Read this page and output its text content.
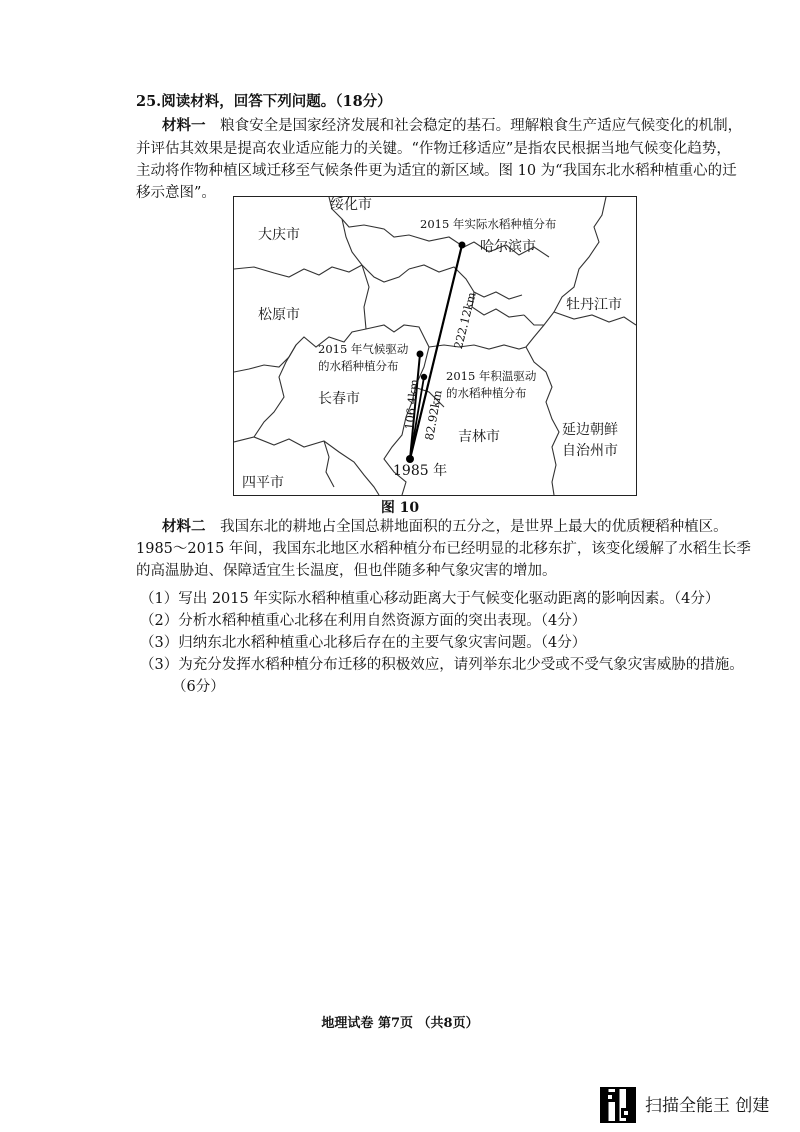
25.阅读材料，回答下列问题。（18分）
材料一 粮食安全是国家经济发展和社会稳定的基石。理解粮食生产适应气候变化的机制，
并评估其效果是提高农业适应能力的关键。“作物迁移适应”是指农民根据当地气候变化趋势，
主动将作物种植区域迁移至气候条件更为适宜的新区域。图 10 为“我国东北水稻种植重心的迁
移示意图”。
绥化市
大庆市
哈尔滨市
松原市
牡丹江市
长春市
吉林市	延边朝鲜
自治州市
四平市
2015 年实际水稻种植分布
2015 年气候驱动
的水稻种植分布
2015 年积温驱动
的水稻种植分布
1985 年
222.12km
106.4km 82.92km
图 10
材料二 我国东北的耕地占全国总耕地面积的五分之，是世界上最大的优质粳稻种植区。
1985～2015 年间，我国东北地区水稻种植分布已经明显的北移东扩，该变化缓解了水稻生长季
的高温胁迫、保障适宜生长温度，但也伴随多种气象灾害的增加。
（1）写出 2015 年实际水稻种植重心移动距离大于气候变化驱动距离的影响因素。（4分）
（2）分析水稻种植重心北移在利用自然资源方面的突出表现。（4分）
（3）归纳东北水稻种植重心北移后存在的主要气象灾害问题。（4分）
（3）为充分发挥水稻种植分布迁移的积极效应，请列举东北少受或不受气象灾害威胁的措施。
（6分）
地理试卷 第7页 （共8页）
扫描全能王 创建
